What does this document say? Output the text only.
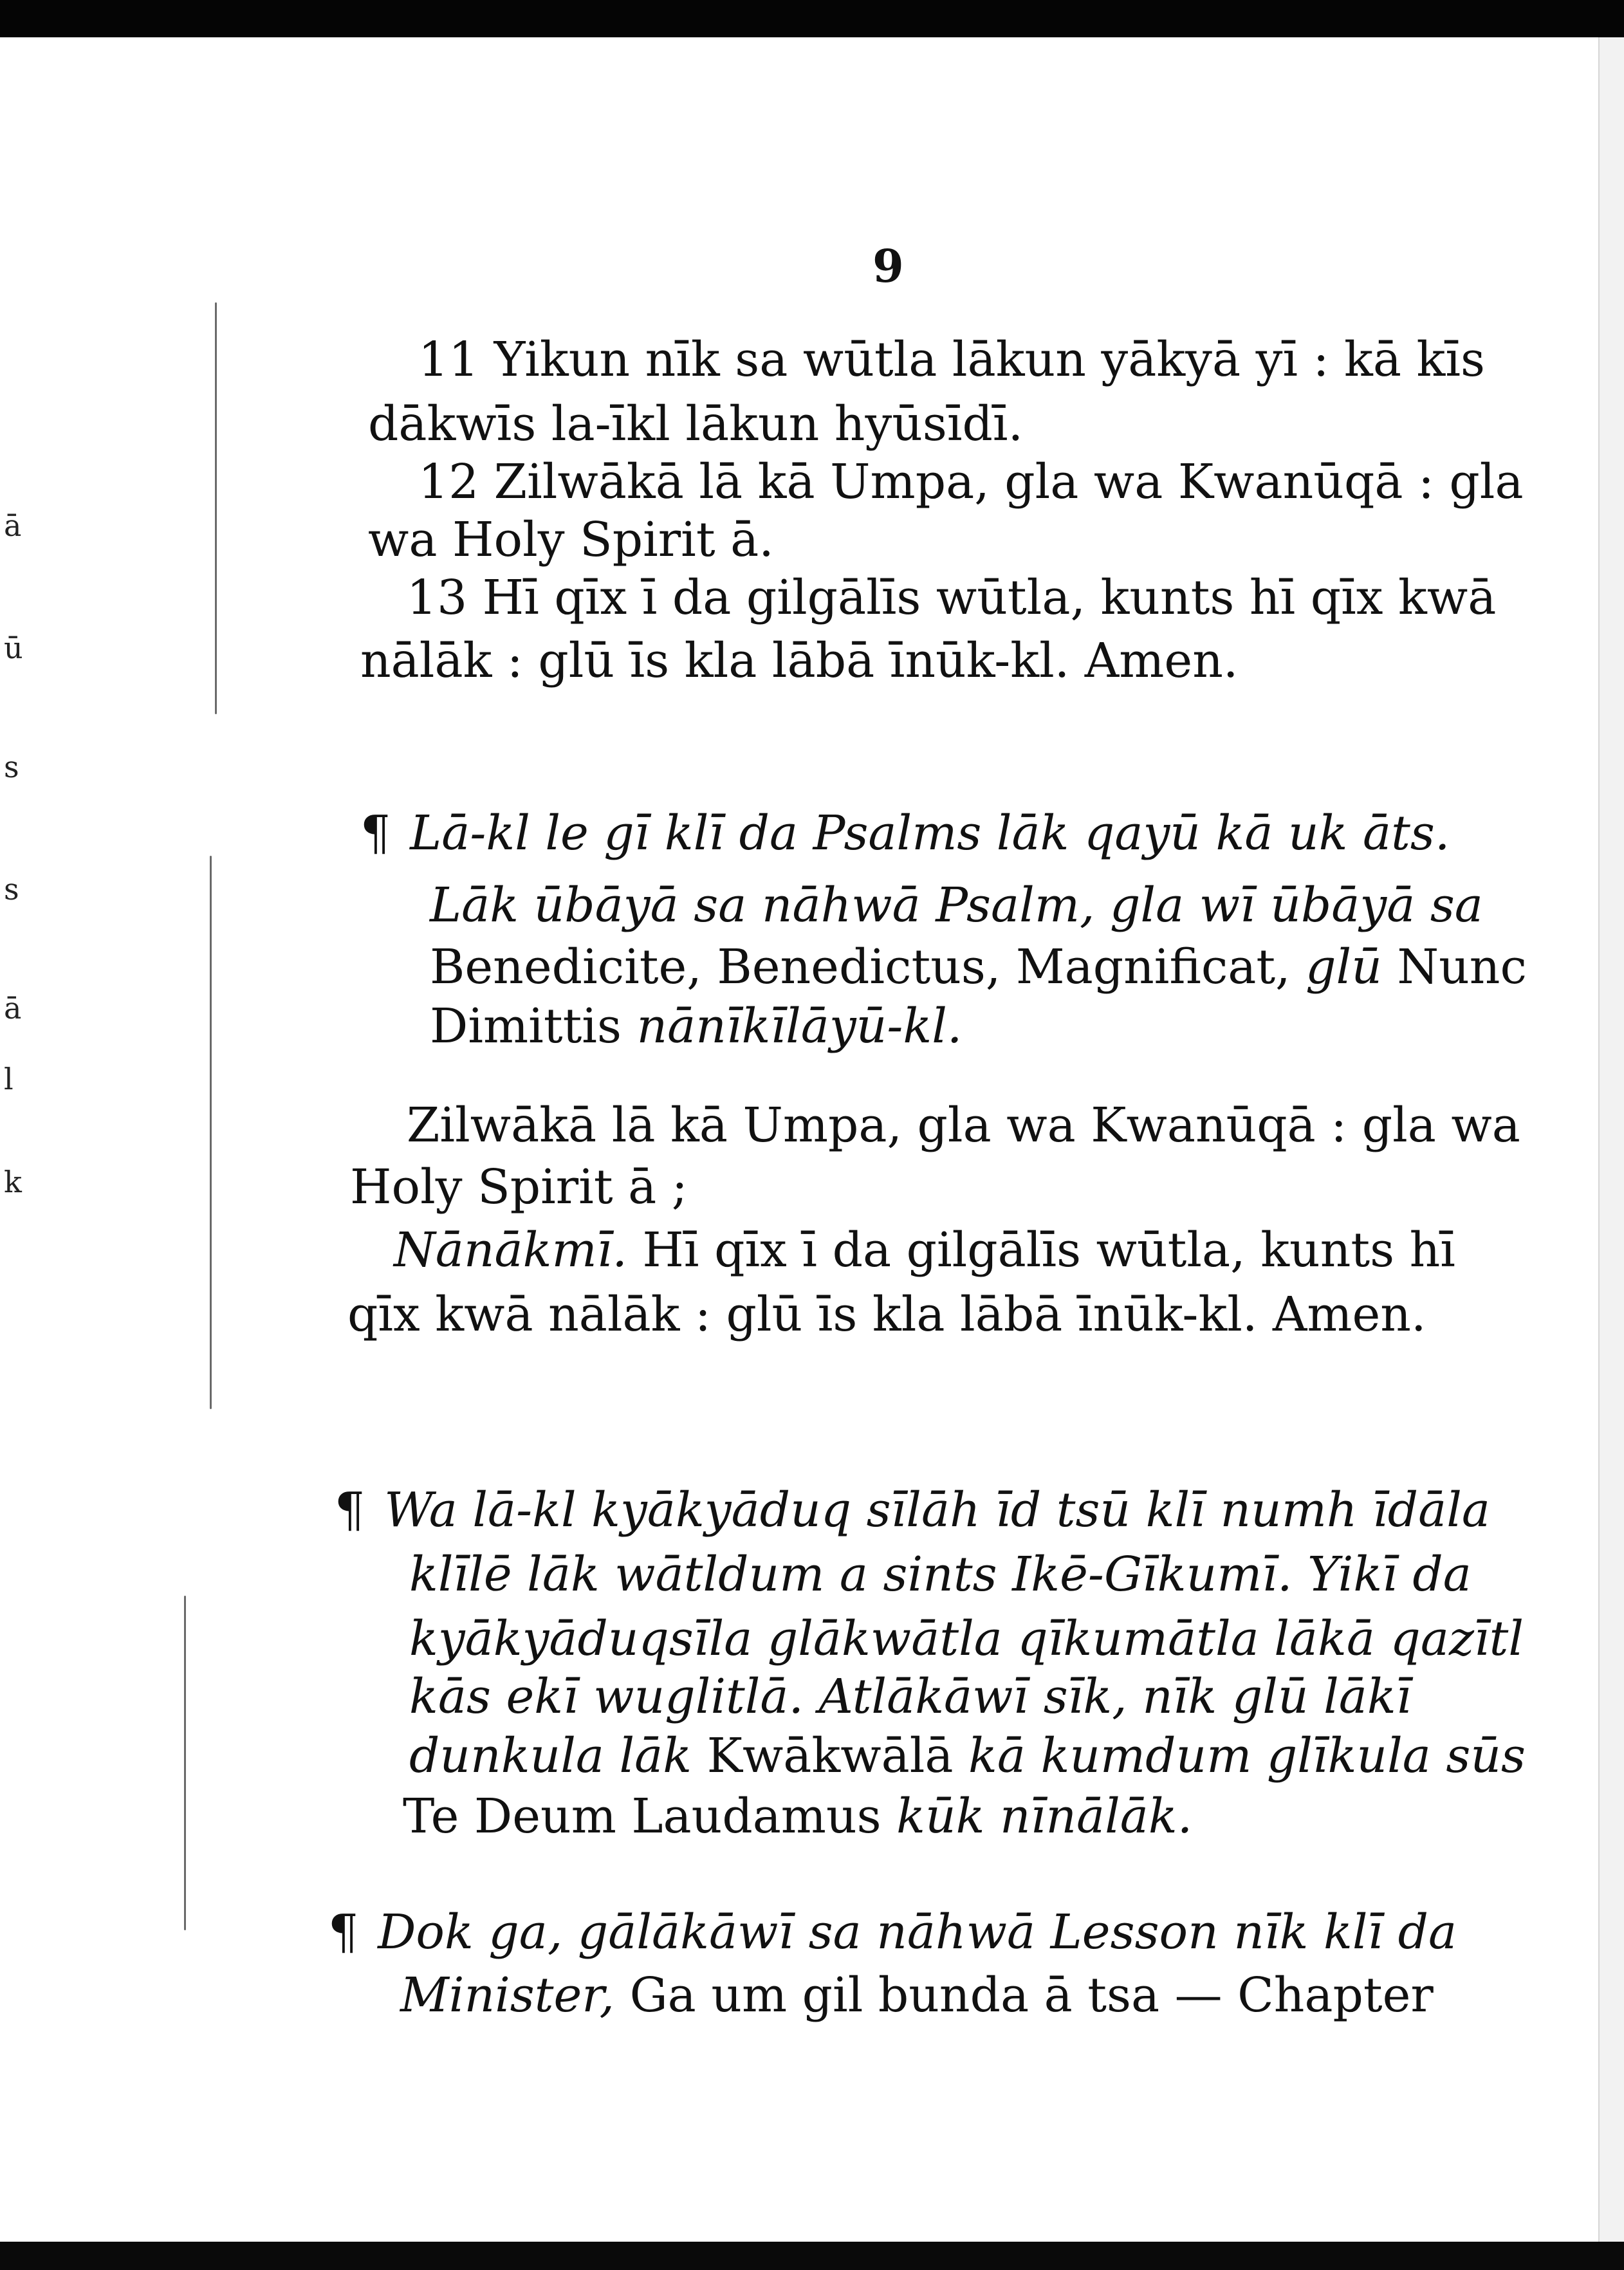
ā
ū
s
s
ā
l
k
9
11 Yikun nīk sa wūtla lākun yākyā yī : kā kīs
dākwīs la-īkl lākun hyūsīdī.
12 Zilwākā lā kā Umpa, gla wa Kwanūqā : gla
wa Holy Spirit ā.
13 Hī qīx ī da gilgālīs wūtla, kunts hī qīx kwā
nālāk : glū īs kla lābā īnūk-kl. Amen.
¶ Lā-kl le gī klī da Psalms lāk qayū kā uk āts.
Lāk ūbāyā sa nāhwā Psalm, gla wī ūbāyā sa
Benedicite, Benedictus, Magnificat, glū Nunc
Dimittis nānīkīlāyū-kl.
Zilwākā lā kā Umpa, gla wa Kwanūqā : gla wa
Holy Spirit ā ;
Nānākmī. Hī qīx ī da gilgālīs wūtla, kunts hī
qīx kwā nālāk : glū īs kla lābā īnūk-kl. Amen.
¶ Wa lā-kl kyākyāduq sīlāh īd tsū klī numh īdāla
klīlē lāk wātldum a sints Ikē-Gīkumī. Yikī da
kyākyāduqsīla glākwātla qīkumātla lākā qazītl
kās ekī wuglitlā. Atlākāwī sīk, nīk glū lākī
dunkula lāk Kwākwālā kā kumdum glīkula sūs
Te Deum Laudamus kūk nīnālāk.
¶ Dok ga, gālākāwī sa nāhwā Lesson nīk klī da
Minister, Ga um gil bunda ā tsa — Chapter
